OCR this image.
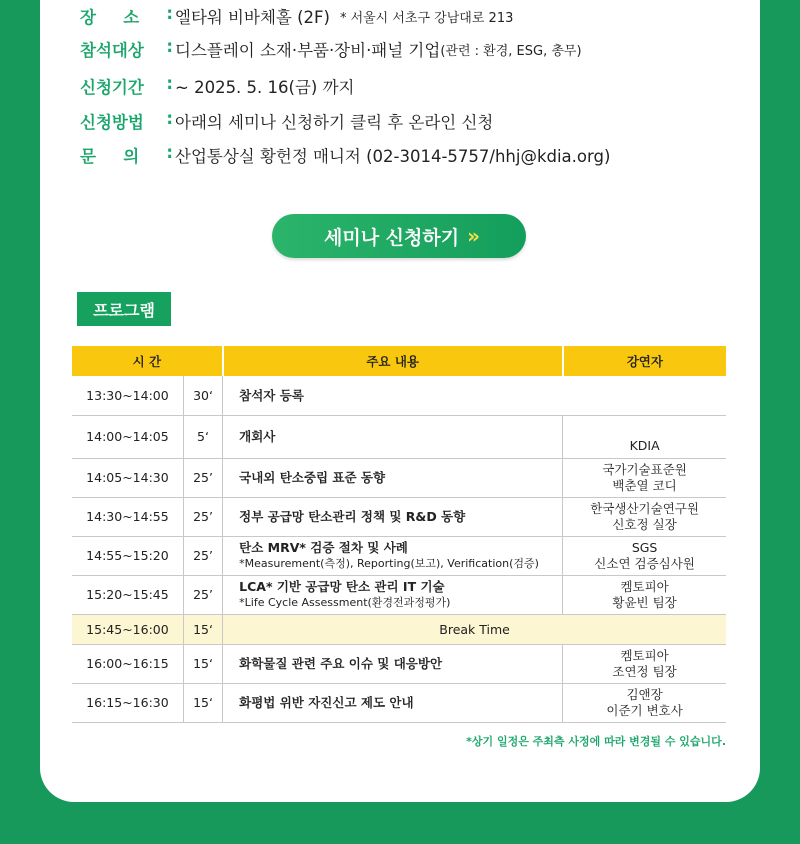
장 소 : 엘타워 비바체홀 (2F) * 서울시 서초구 강남대로 213
참석대상 : 디스플레이 소재·부품·장비·패널 기업 (관련 : 환경, ESG, 총무)
신청기간 : ~ 2025. 5. 16(금) 까지
신청방법 : 아래의 세미나 신청하기 클릭 후 온라인 신청
문 의 : 산업통상실 황헌정 매니저 (02-3014-5757/hhj@kdia.org)
세미나 신청하기 »
프로그램
시 간		주요 내용	강연자
13:30~14:00	30‘	참석자 등록	
14:00~14:05	5‘	개회사	KDIA

14:05~14:30	25’	국내외 탄소중립 표준 동향	국가기술표준원
백춘열 코디

14:30~14:55	25’	정부 공급망 탄소관리 정책 및 R&D 동향	한국생산기술연구원
신호정 실장

14:55~15:20	25’	탄소 MRV* 검증 절차 및 사례
*Measurement(측정), Reporting(보고), Verification(검증)	SGS
신소연 검증심사원

15:20~15:45	25’	LCA* 기반 공급망 탄소 관리 IT 기술
*Life Cycle Assessment(환경전과정평가)	켐토피아
황윤빈 팀장

15:45~16:00	15‘	Break Time	
16:00~16:15	15‘	화학물질 관련 주요 이슈 및 대응방안	켐토피아
조연정 팀장

16:15~16:30	15‘	화평법 위반 자진신고 제도 안내	김앤장
이준기 변호사
*상기 일정은 주최측 사정에 따라 변경될 수 있습니다.
